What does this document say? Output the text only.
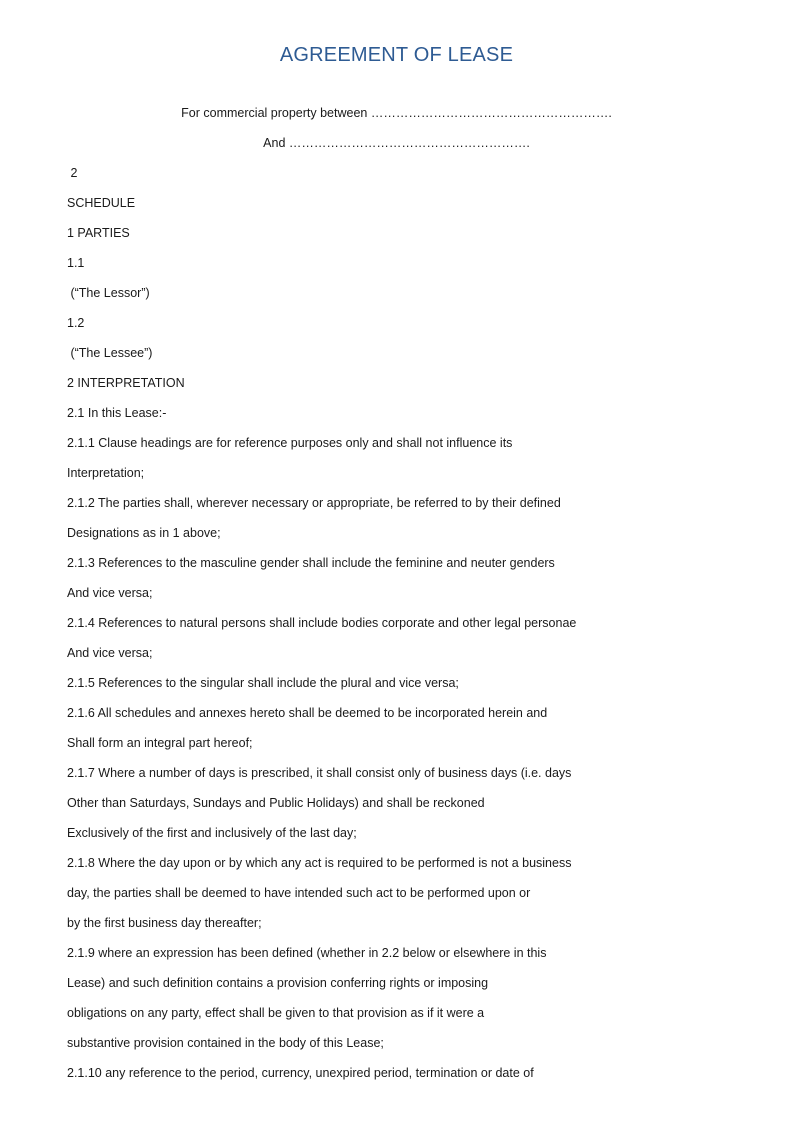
AGREEMENT OF LEASE
For commercial property between ………………………………………………….
And ………………………………………………….
2
SCHEDULE
1 PARTIES
1.1
(“The Lessor”)
1.2
(“The Lessee”)
2 INTERPRETATION
2.1 In this Lease:-
2.1.1 Clause headings are for reference purposes only and shall not influence its
Interpretation;
2.1.2 The parties shall, wherever necessary or appropriate, be referred to by their defined
Designations as in 1 above;
2.1.3 References to the masculine gender shall include the feminine and neuter genders
And vice versa;
2.1.4 References to natural persons shall include bodies corporate and other legal personae
And vice versa;
2.1.5 References to the singular shall include the plural and vice versa;
2.1.6 All schedules and annexes hereto shall be deemed to be incorporated herein and
Shall form an integral part hereof;
2.1.7 Where a number of days is prescribed, it shall consist only of business days (i.e. days
Other than Saturdays, Sundays and Public Holidays) and shall be reckoned
Exclusively of the first and inclusively of the last day;
2.1.8 Where the day upon or by which any act is required to be performed is not a business
day, the parties shall be deemed to have intended such act to be performed upon or
by the first business day thereafter;
2.1.9 where an expression has been defined (whether in 2.2 below or elsewhere in this
Lease) and such definition contains a provision conferring rights or imposing
obligations on any party, effect shall be given to that provision as if it were a
substantive provision contained in the body of this Lease;
2.1.10 any reference to the period, currency, unexpired period, termination or date of
